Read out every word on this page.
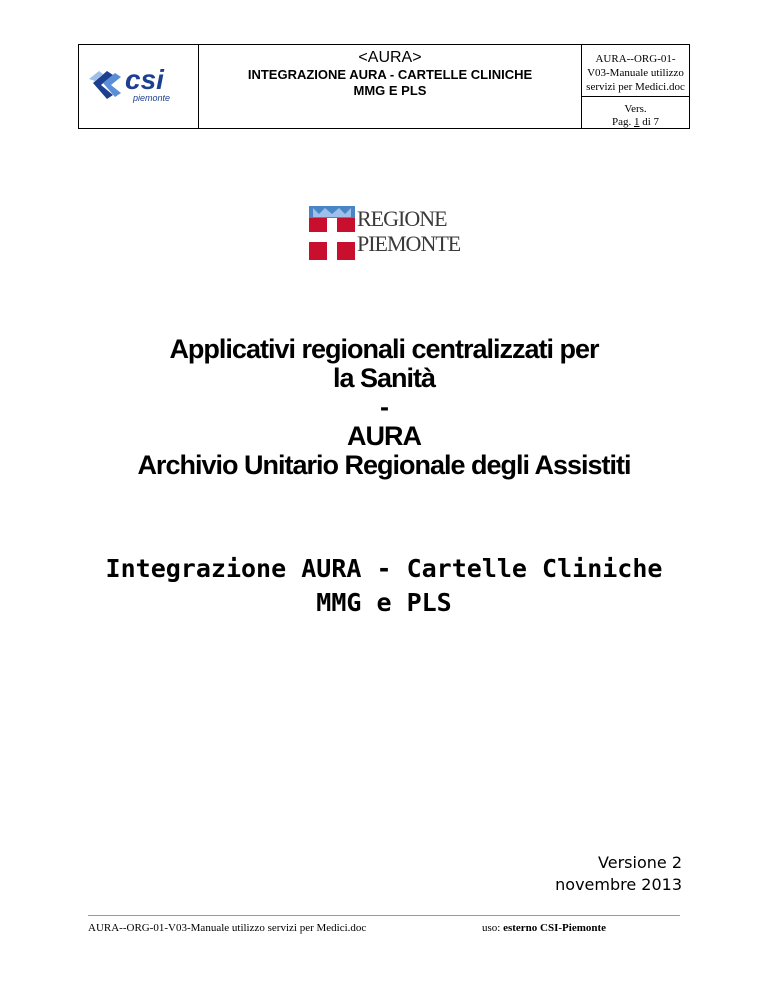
csi
piemonte
<AURA>
INTEGRAZIONE AURA - CARTELLE CLINICHE
MMG E PLS
AURA--ORG-01-
V03-Manuale utilizzo
servizi per Medici.doc
Vers.
Pag. 1 di 7
REGIONE
PIEMONTE
Applicativi regionali centralizzati per
la Sanità
-
AURA
Archivio Unitario Regionale degli Assistiti
Integrazione AURA - Cartelle Cliniche
MMG e PLS
Versione 2
novembre 2013
AURA--ORG-01-V03-Manuale utilizzo servizi per Medici.doc	uso: esterno CSI-Piemonte
